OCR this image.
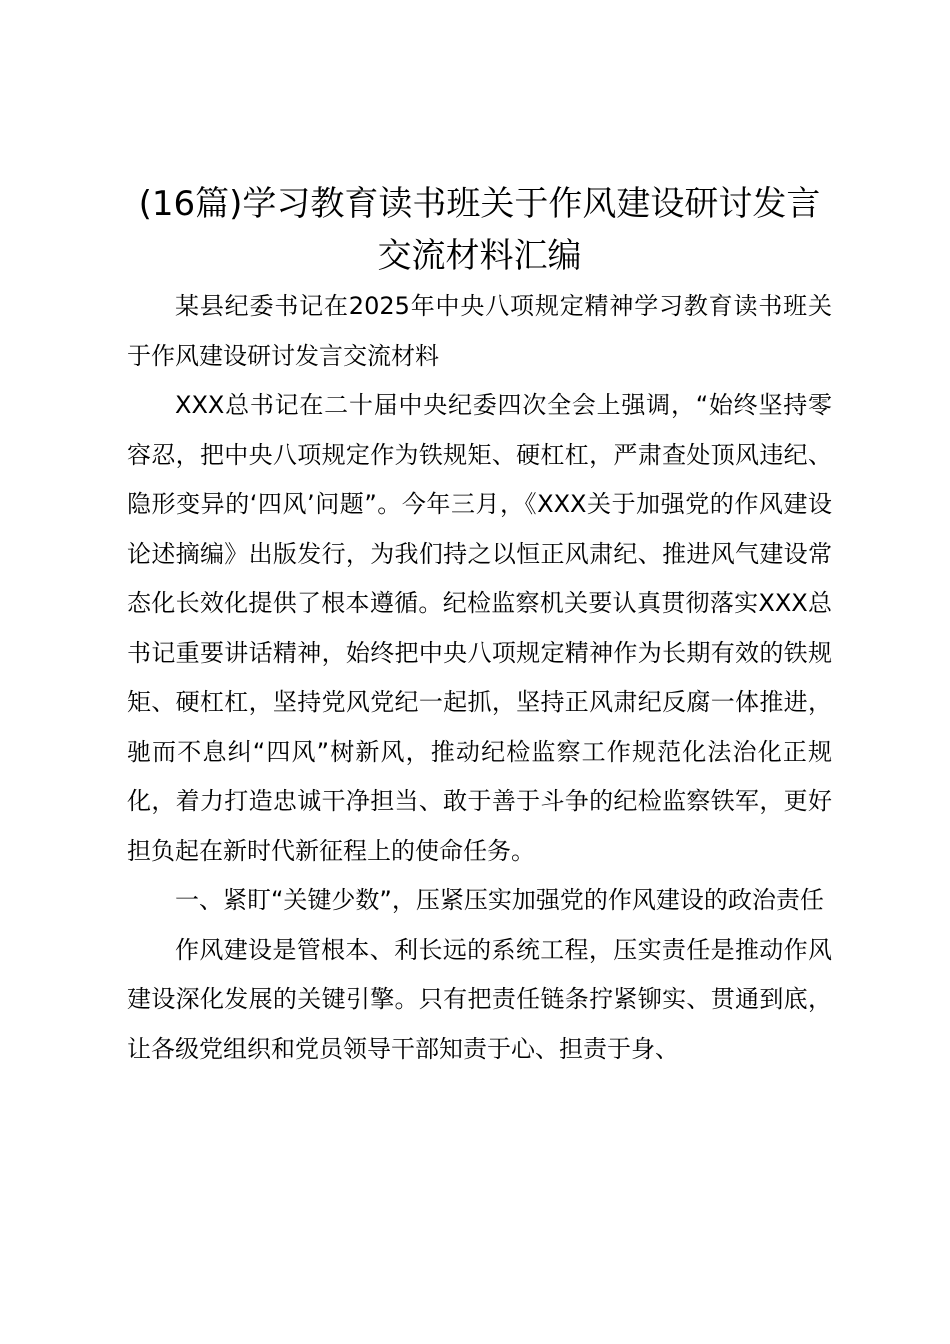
(16篇)学习教育读书班关于作风建设研讨发言交流材料汇编

某县纪委书记在2025年中央八项规定精神学习教育读书班关于作风建设研讨发言交流材料

XXX总书记在二十届中央纪委四次全会上强调，“始终坚持零容忍，把中央八项规定作为铁规矩、硬杠杠，严肃查处顶风违纪、隐形变异的‘四风’问题”。今年三月，《XXX关于加强党的作风建设论述摘编》出版发行，为我们持之以恒正风肃纪、推进风气建设常态化长效化提供了根本遵循。纪检监察机关要认真贯彻落实XXX总书记重要讲话精神，始终把中央八项规定精神作为长期有效的铁规矩、硬杠杠，坚持党风党纪一起抓，坚持正风肃纪反腐一体推进，驰而不息纠“四风”树新风，推动纪检监察工作规范化法治化正规化，着力打造忠诚干净担当、敢于善于斗争的纪检监察铁军，更好担负起在新时代新征程上的使命任务。

一、紧盯“关键少数”，压紧压实加强党的作风建设的政治责任

作风建设是管根本、利长远的系统工程，压实责任是推动作风建设深化发展的关键引擎。只有把责任链条拧紧铆实、贯通到底，让各级党组织和党员领导干部知责于心、担责于身、
